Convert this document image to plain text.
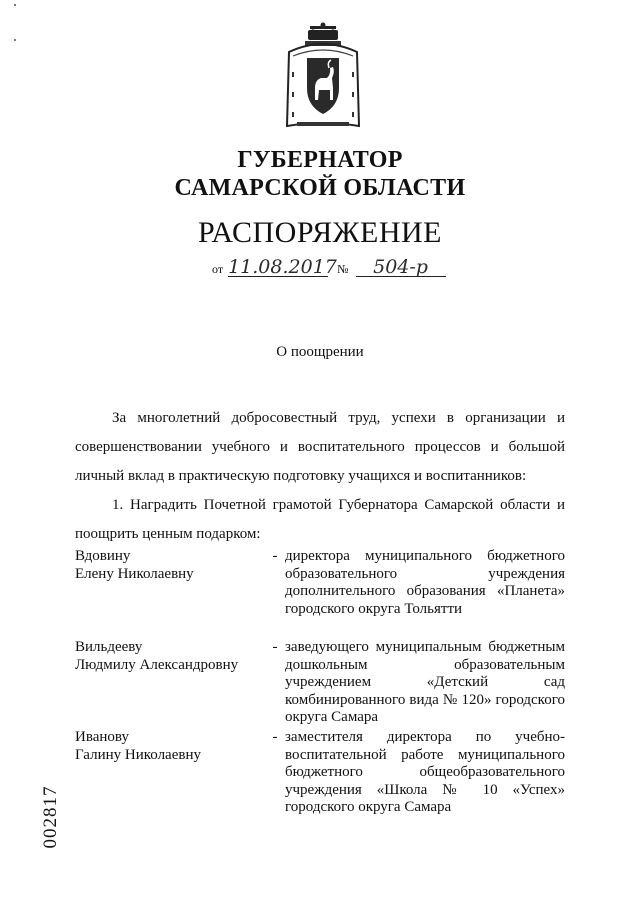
ГУБЕРНАТОР
САМАРСКОЙ ОБЛАСТИ
РАСПОРЯЖЕНИЕ
от 11.08.2017 № 504-р
О поощрении
За многолетний добросовестный труд, успехи в организации и совершенствовании учебного и воспитательного процессов и большой личный вклад в практическую подготовку учащихся и воспитанников:
1. Наградить Почетной грамотой Губернатора Самарской области и поощрить ценным подарком:
Вдовину
Елену Николаевну
- директора муниципального бюджетного образовательного учреждения дополнительного образования «Планета» городского округа Тольятти
Вильдееву
Людмилу Александровну
- заведующего муниципальным бюджетным дошкольным образовательным учреждением «Детский сад комбинированного вида № 120» городского округа Самара
Иванову
Галину Николаевну
- заместителя директора по учебно-воспитательной работе муниципального бюджетного общеобразовательного учреждения «Школа № 10 «Успех» городского округа Самара
002817
